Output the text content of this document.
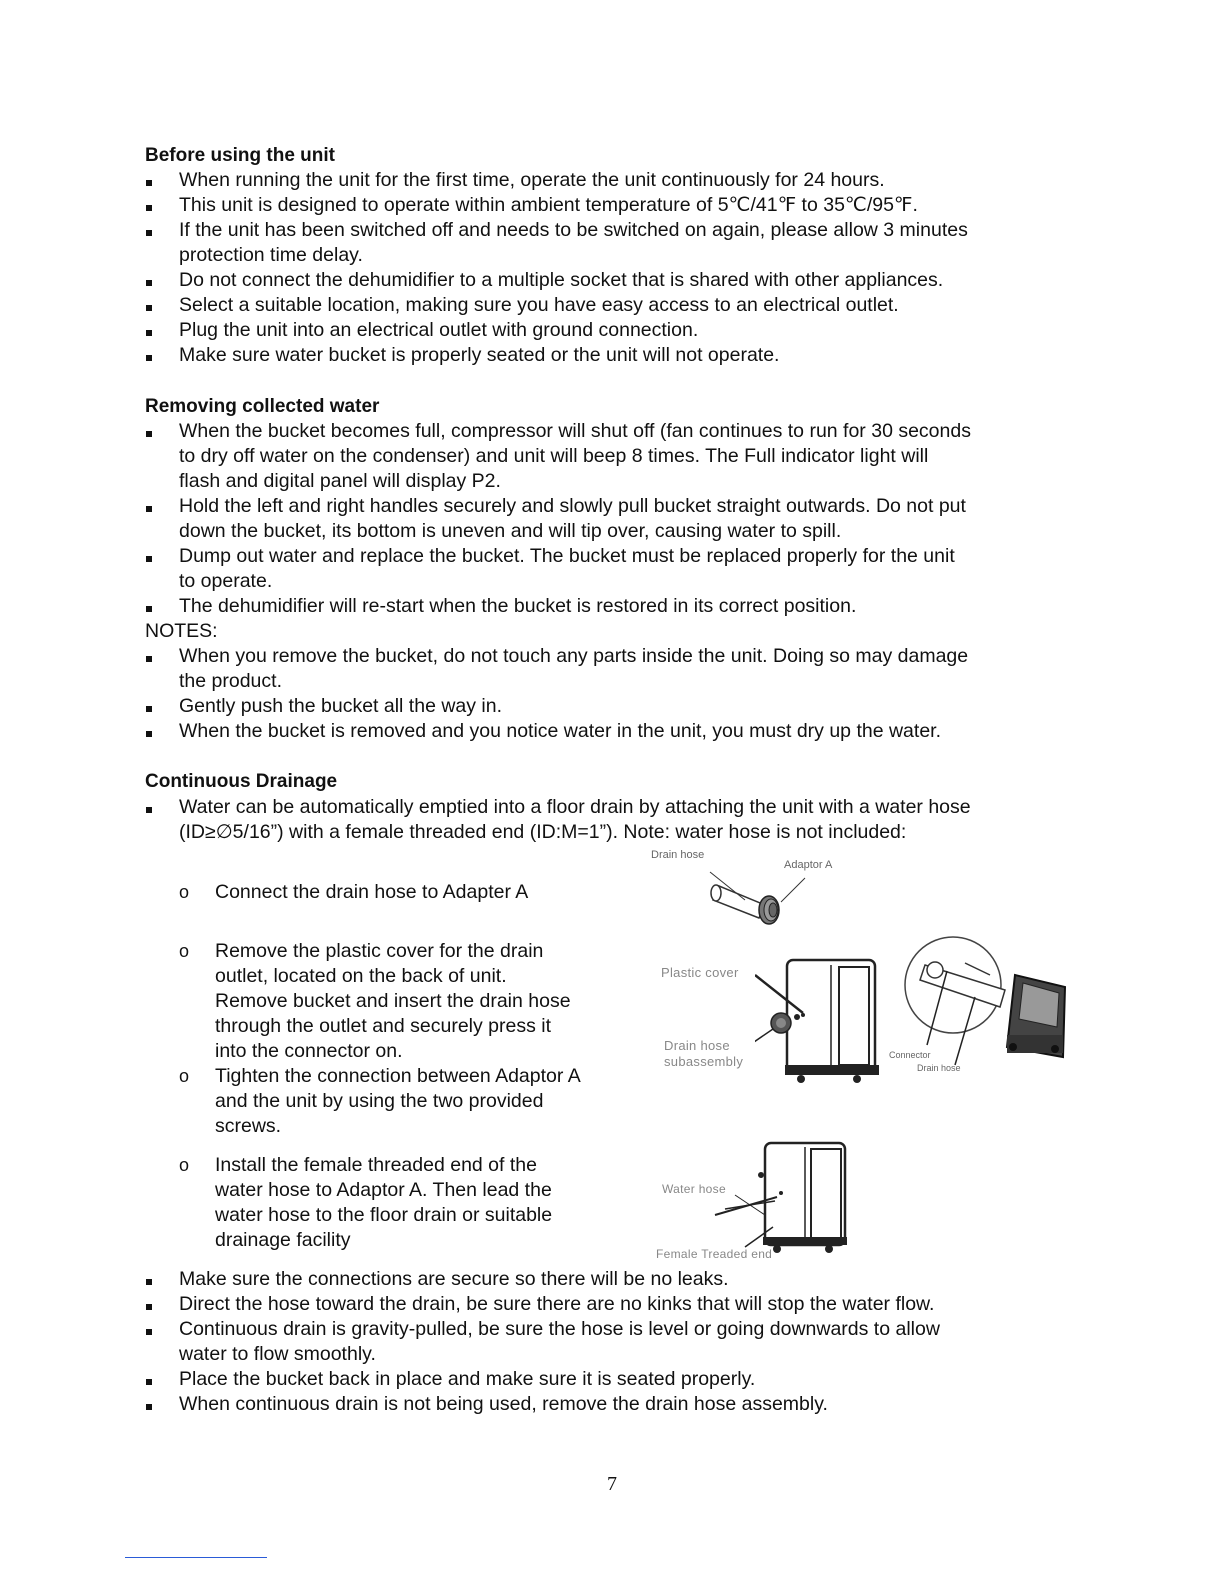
Before using the unit
When running the unit for the first time, operate the unit continuously for 24 hours.
This unit is designed to operate within ambient temperature of 5℃/41℉ to 35℃/95℉.
If the unit has been switched off and needs to be switched on again, please allow 3 minutes
protection time delay.
Do not connect the dehumidifier to a multiple socket that is shared with other appliances.
Select a suitable location, making sure you have easy access to an electrical outlet.
Plug the unit into an electrical outlet with ground connection.
Make sure water bucket is properly seated or the unit will not operate.
Removing collected water
When the bucket becomes full, compressor will shut off (fan continues to run for 30 seconds
to dry off water on the condenser) and unit will beep 8 times. The Full indicator light will
flash and digital panel will display P2.
Hold the left and right handles securely and slowly pull bucket straight outwards. Do not put
down the bucket, its bottom is uneven and will tip over, causing water to spill.
Dump out water and replace the bucket. The bucket must be replaced properly for the unit
to operate.
The dehumidifier will re-start when the bucket is restored in its correct position.
NOTES:
When you remove the bucket, do not touch any parts inside the unit. Doing so may damage
the product.
Gently push the bucket all the way in.
When the bucket is removed and you notice water in the unit, you must dry up the water.
Continuous Drainage
Water can be automatically emptied into a floor drain by attaching the unit with a water hose
(ID≥∅5/16”) with a female threaded end (ID:M=1”). Note: water hose is not included:
o Connect the drain hose to Adapter A
o Remove the plastic cover for the drain
outlet, located on the back of unit.
Remove bucket and insert the drain hose
through the outlet and securely press it
into the connector on.
o Tighten the connection between Adaptor A
and the unit by using the two provided
screws.
o Install the female threaded end of the
water hose to Adaptor A. Then lead the
water hose to the floor drain or suitable
drainage facility
Make sure the connections are secure so there will be no leaks.
Direct the hose toward the drain, be sure there are no kinks that will stop the water flow.
Continuous drain is gravity-pulled, be sure the hose is level or going downwards to allow
water to flow smoothly.
Place the bucket back in place and make sure it is seated properly.
When continuous drain is not being used, remove the drain hose assembly.
Drain hose
Adaptor A
Plastic cover
Drain hose
subassembly	Connector
Drain hose
Water hose
Female Treaded end
7
